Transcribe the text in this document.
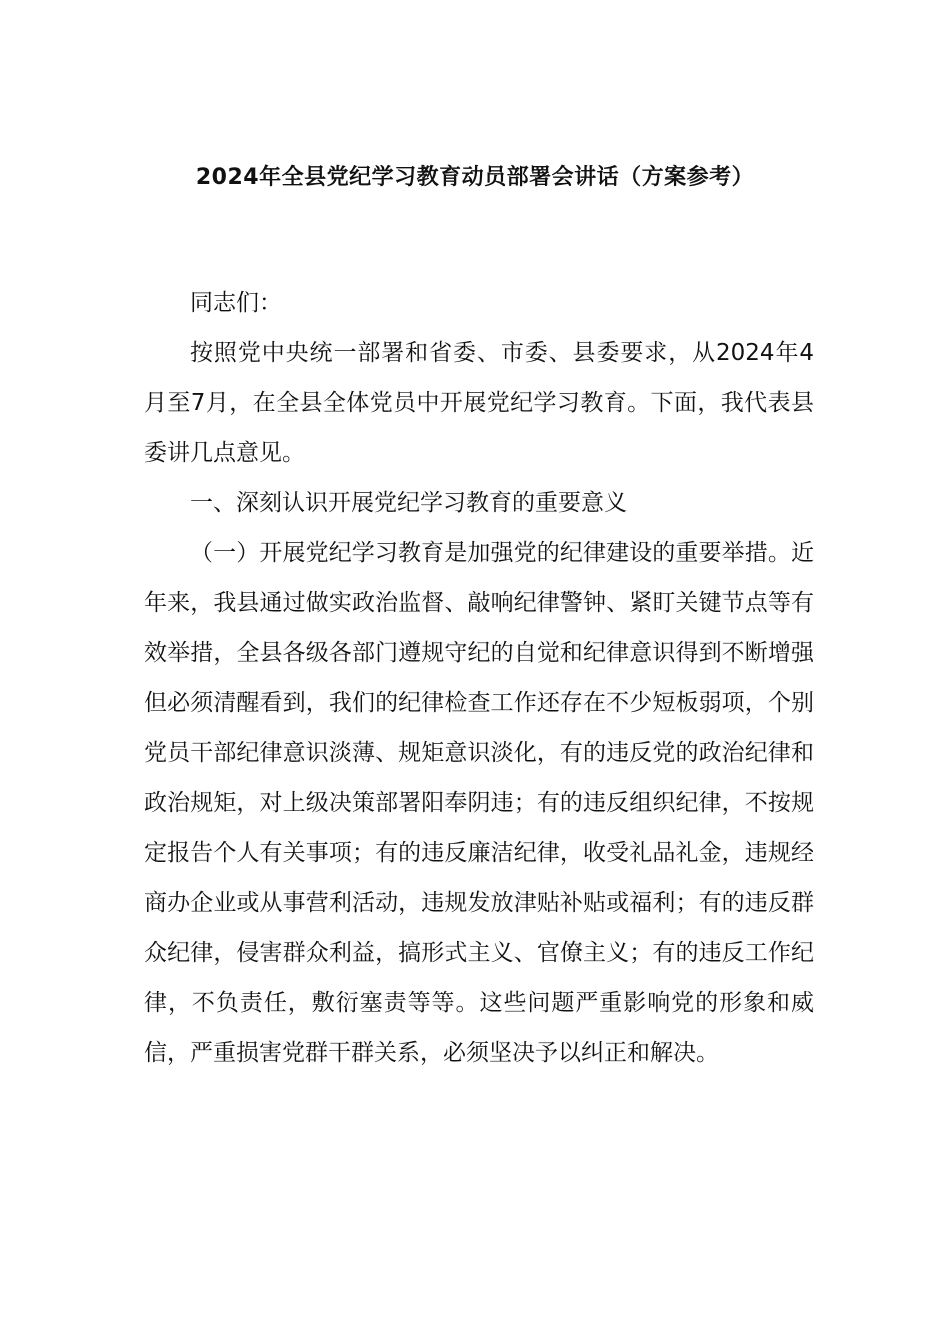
2024年全县党纪学习教育动员部署会讲话（方案参考）

同志们：

按照党中央统一部署和省委、市委、县委要求，从2024年4月至7月，在全县全体党员中开展党纪学习教育。下面，我代表县委讲几点意见。

一、深刻认识开展党纪学习教育的重要意义

（一）开展党纪学习教育是加强党的纪律建设的重要举措。近年来，我县通过做实政治监督、敲响纪律警钟、紧盯关键节点等有效举措，全县各级各部门遵规守纪的自觉和纪律意识得到不断增强但必须清醒看到，我们的纪律检查工作还存在不少短板弱项，个别党员干部纪律意识淡薄、规矩意识淡化，有的违反党的政治纪律和政治规矩，对上级决策部署阳奉阴违；有的违反组织纪律，不按规定报告个人有关事项；有的违反廉洁纪律，收受礼品礼金，违规经商办企业或从事营利活动，违规发放津贴补贴或福利；有的违反群众纪律，侵害群众利益，搞形式主义、官僚主义；有的违反工作纪律，不负责任，敷衍塞责等等。这些问题严重影响党的形象和威信，严重损害党群干群关系，必须坚决予以纠正和解决。
